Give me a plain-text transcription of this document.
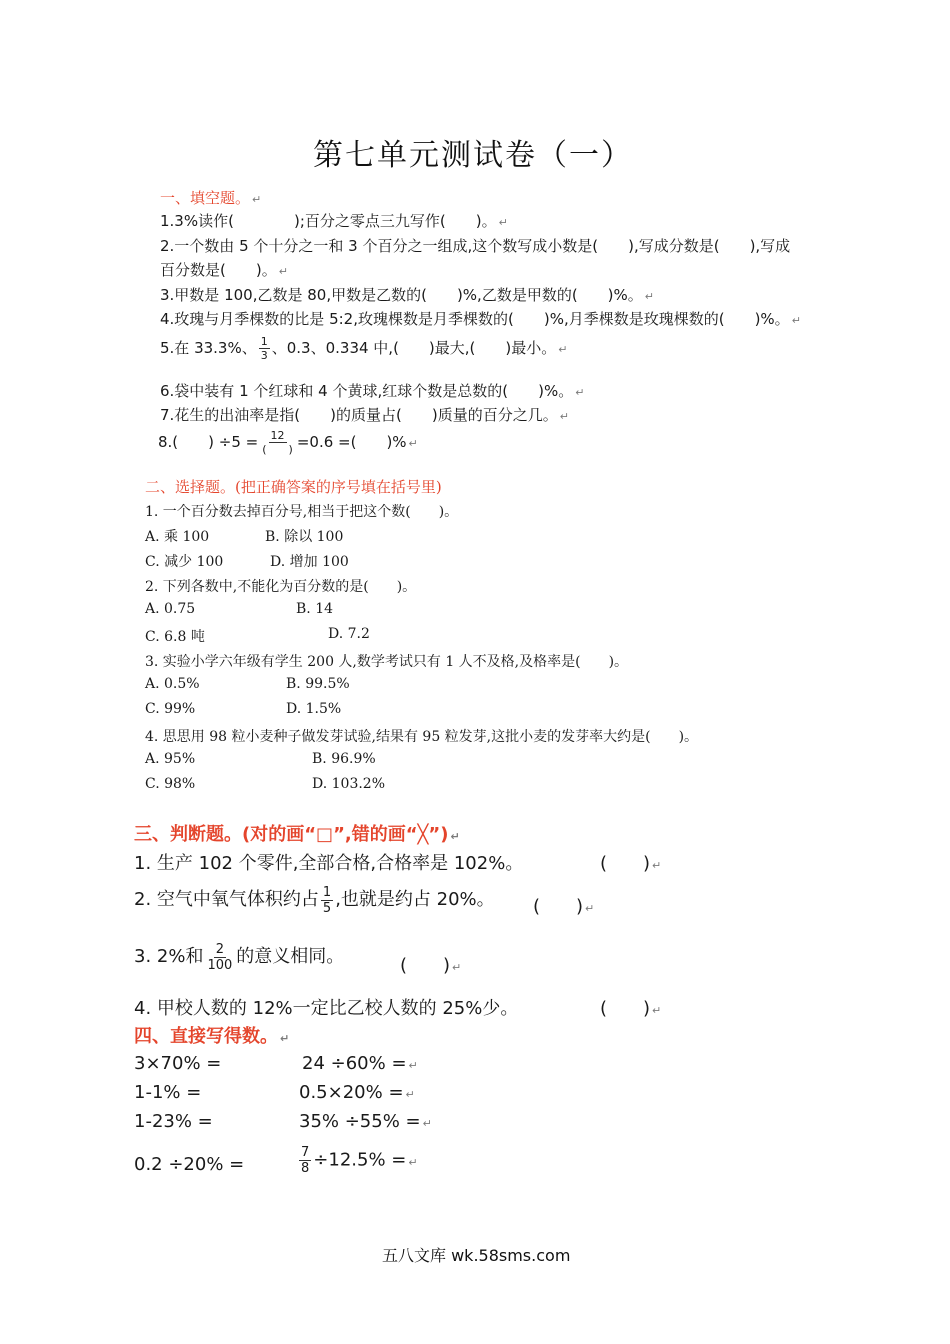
第七单元测试卷（一）
一、填空题。 ↵
1.3%读作(　　　　);百分之零点三九写作(　　)。 ↵
2.一个数由 5 个十分之一和 3 个百分之一组成,这个数写成小数是(　　),写成分数是(　　),写成
百分数是(　　)。 ↵
3.甲数是 100,乙数是 80,甲数是乙数的(　　)%,乙数是甲数的(　　)%。 ↵
4.玫瑰与月季棵数的比是 5:2,玫瑰棵数是月季棵数的(　　)%,月季棵数是玫瑰棵数的(　　)%。 ↵
5.在 33.3%、 $\frac{1}{3}$ 、0.3、0.334 中,(　　)最大,(　　)最小。 ↵
6.袋中装有 1 个红球和 4 个黄球,红球个数是总数的(　　)%。 ↵
7.花生的出油率是指(　　)的质量占(　　)质量的百分之几。 ↵
8.(　　) $\div 5 = \frac{12}{( )} =0.6$ =(　　)% ↵
二、选择题。(把正确答案的序号填在括号里)
1. 一个百分数去掉百分号,相当于把这个数(　　)。
A. 乘 100	B. 除以 100
C. 减少 100	D. 增加 100
2. 下列各数中,不能化为百分数的是(　　)。
A. 0.75	B. 14
C. 6.8 吨	D. 7.2
3. 实验小学六年级有学生 200 人,数学考试只有 1 人不及格,及格率是(　　)。
A. 0.5%	B. 99.5%
C. 99%	D. 1.5%
4. 思思用 98 粒小麦种子做发芽试验,结果有 95 粒发芽,这批小麦的发芽率大约是(　　)。
A. 95%	B. 96.9%
C. 98%	D. 103.2%
三、判断题。(对的画“□”,错的画“╳”) ↵
1. 生产 102 个零件,全部合格,合格率是 102%。	(　　) ↵
2. 空气中氧气体积约占 $\frac{1}{5}$ ,也就是约占 20%。 (　　) ↵
3. 2%和 $\frac{2}{100}$ 的意义相同。	(　　) ↵
4. 甲校人数的 12%一定比乙校人数的 25%少。	(　　) ↵
四、直接写得数。 ↵
3×70% =	24 ÷60% = ↵
1-1% =	0.5×20% = ↵
1-23% =	35% ÷55% = ↵
0.2 ÷20% =	$\frac{7}{8} \div 12.5\%$ = ↵
五八文库 wk.58sms.com
